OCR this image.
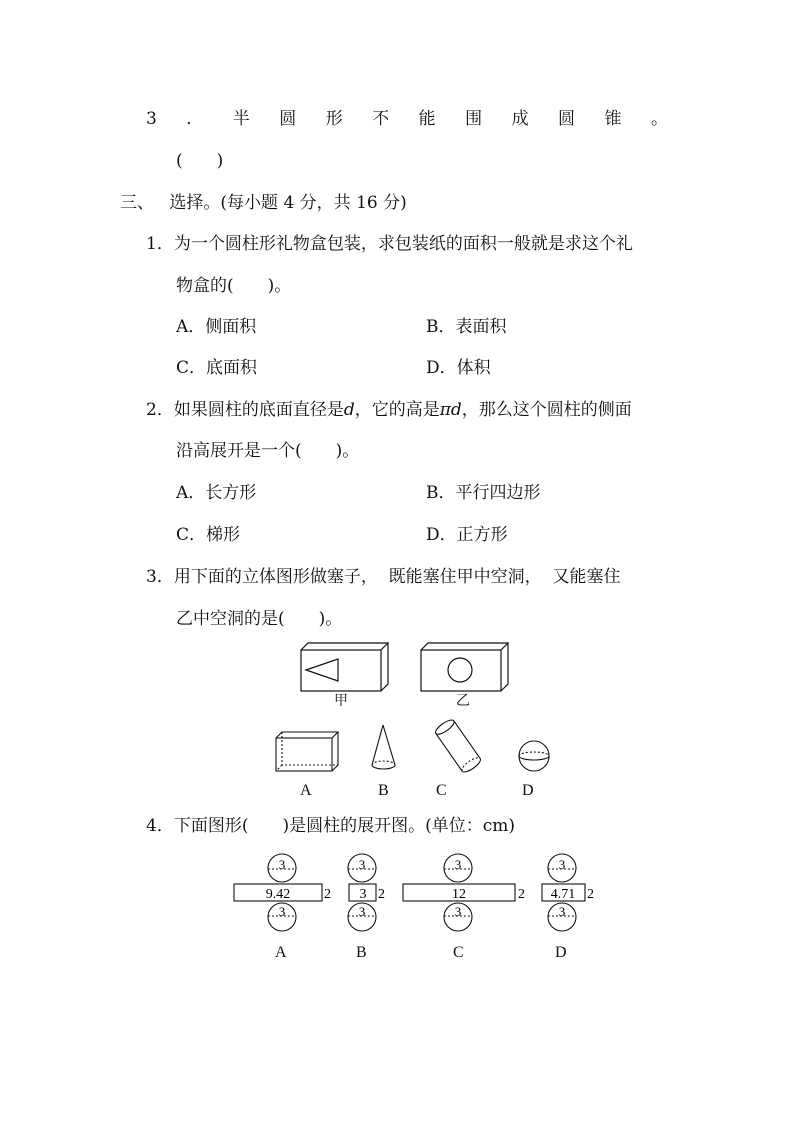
3 ． 半 圆 形 不 能 围 成 圆 锥 。
(　　)
三、 选择。(每小题 4 分，共 16 分)
1．为一个圆柱形礼物盒包装，求包装纸的面积一般就是求这个礼
物盒的(　　)。
A．侧面积	B．表面积
C．底面积	D．体积
2．如果圆柱的底面直径是d，它的高是πd，那么这个圆柱的侧面
沿高展开是一个(　　)。
A．长方形	B．平行四边形
C．梯形	D．正方形
3．用下面的立体图形做塞子，  既能塞住甲中空洞，  又能塞住
乙中空洞的是(　　)。
甲	乙
A	B	C	D
4．下面图形(　　)是圆柱的展开图。(单位：cm)
3
9.42 2
3
3
3 2
3
3
12	2
3
3
4.71 2
3
A	B	C	D
